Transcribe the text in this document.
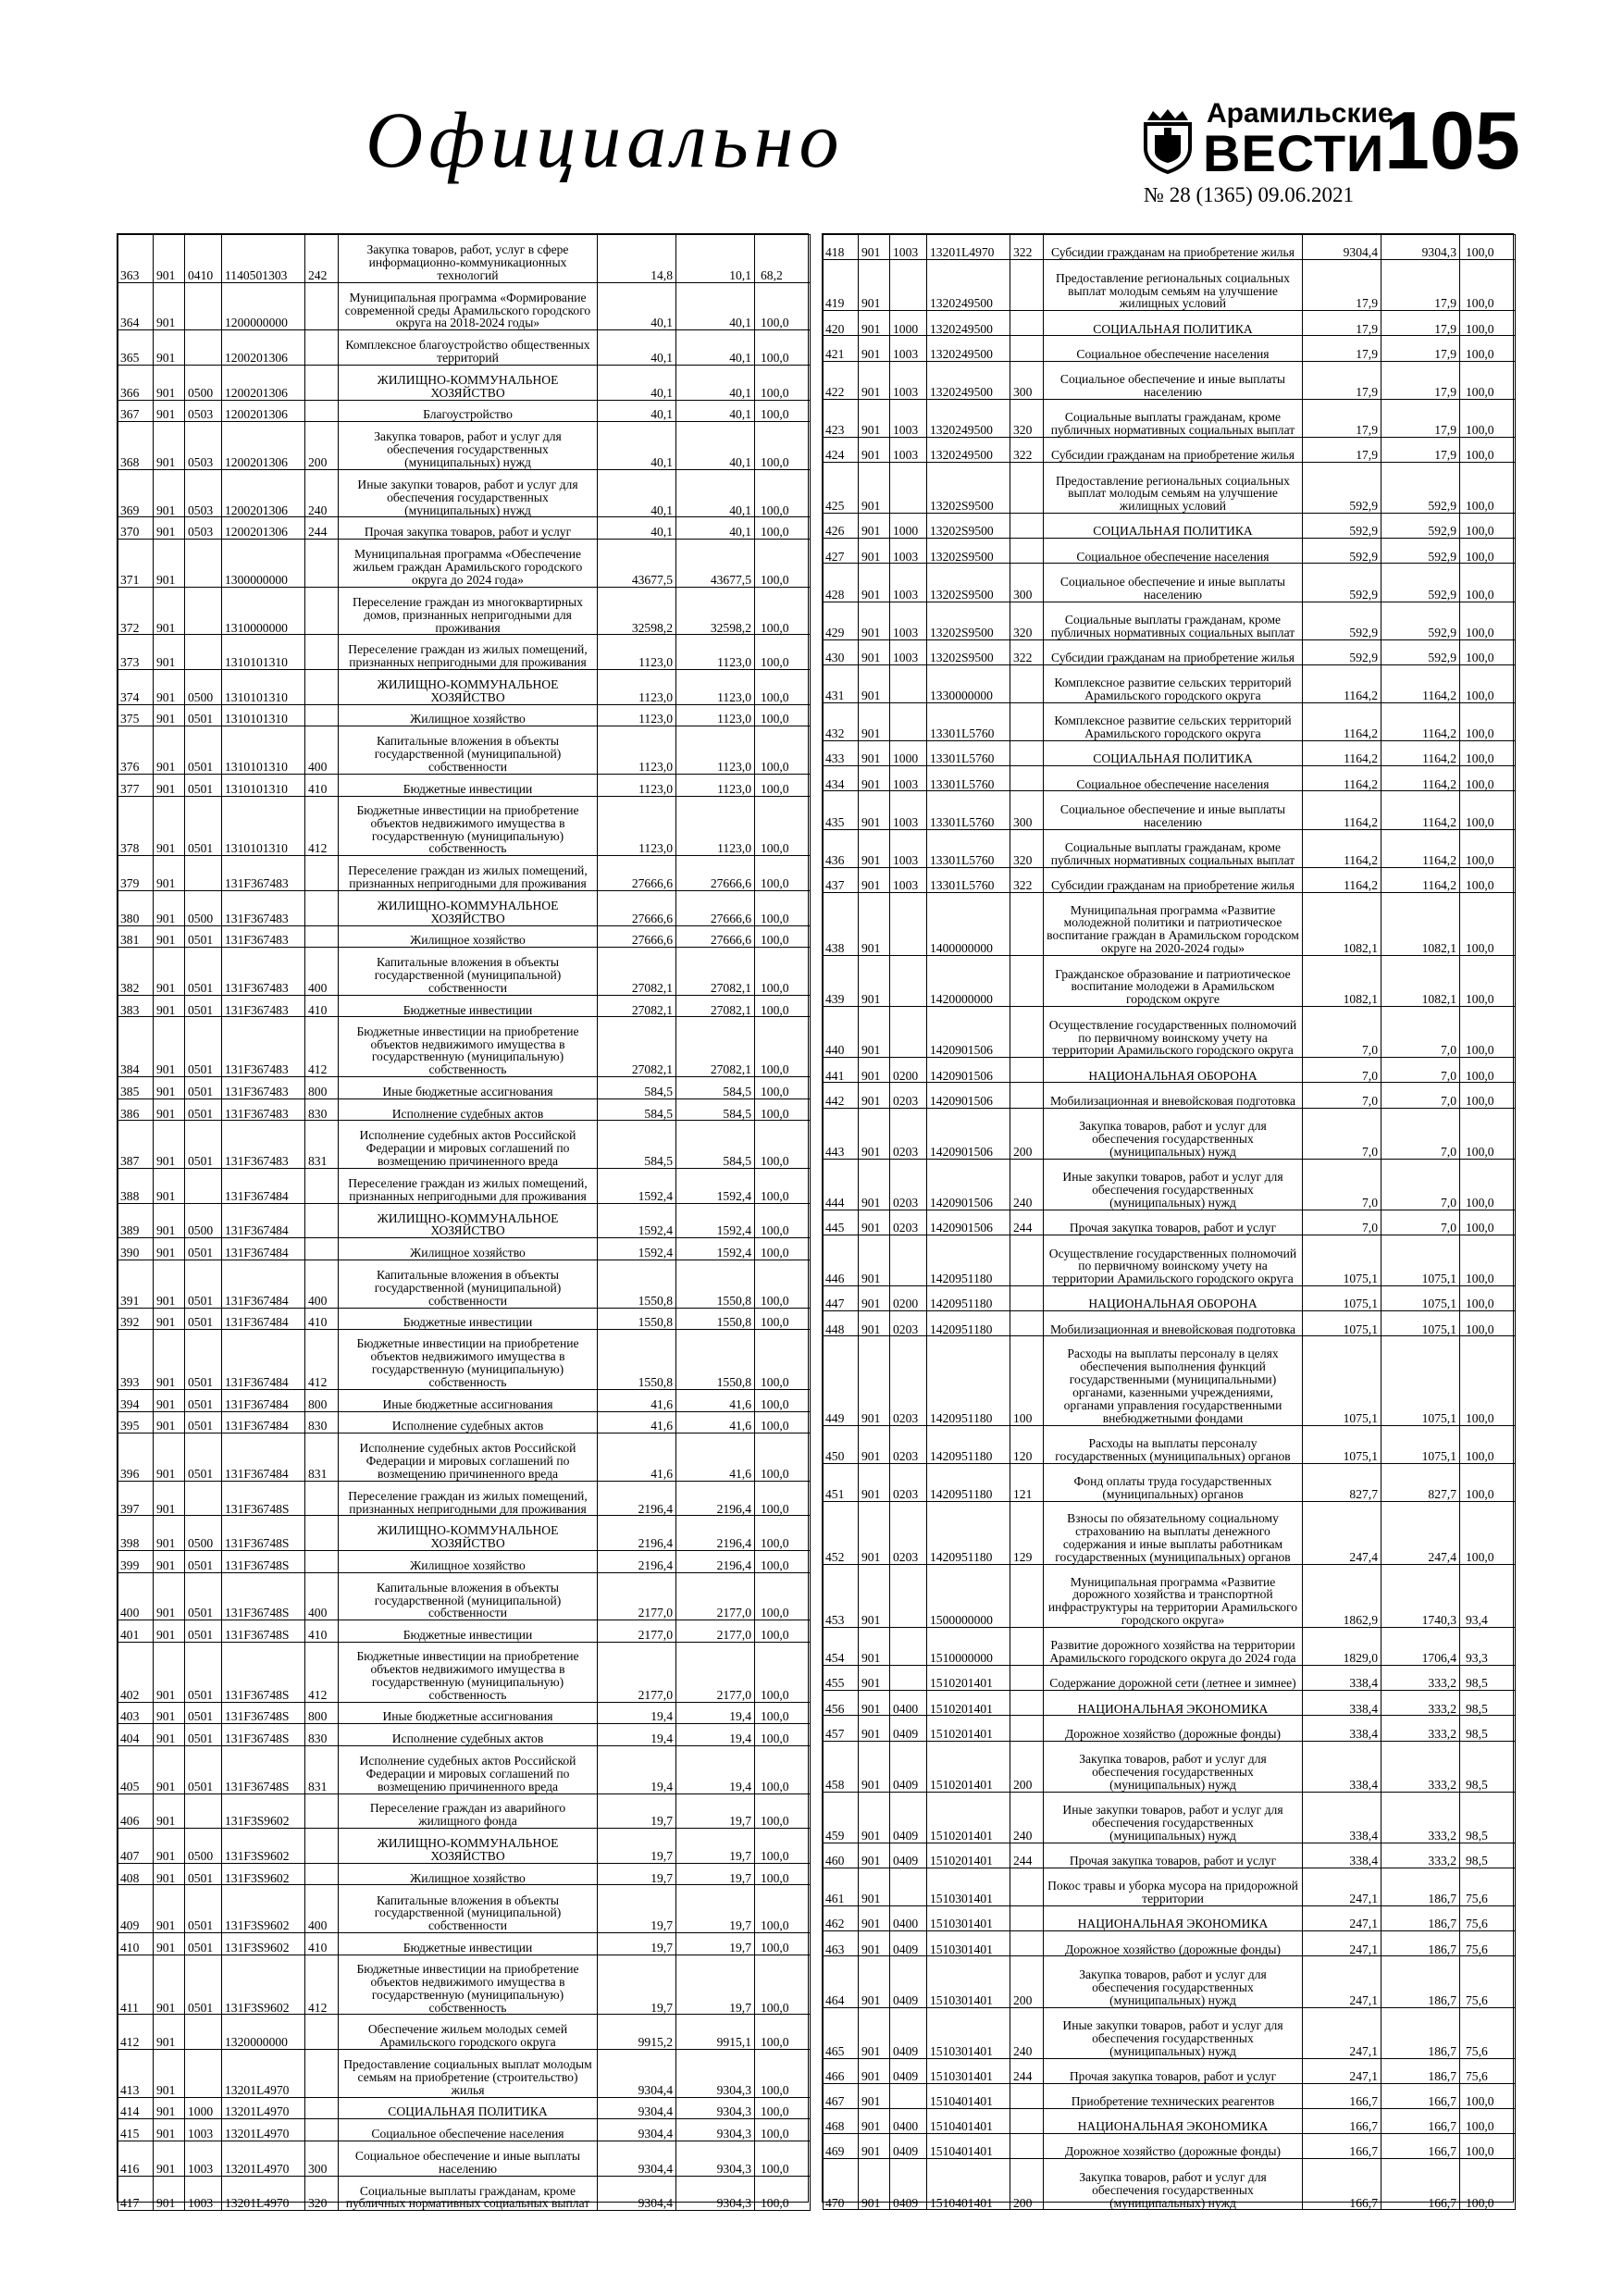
Официально	Арамильские
ВЕСТИ 105
№ 28 (1365) 09.06.2021
363	901	0410	1140501303	242	Закупка товаров, работ, услуг в сфере информационно-коммуникационных технологий	14,8	10,1	68,2
364	901		1200000000		Муниципальная программа «Формирование современной среды Арамильского городского округа на 2018-2024 годы»	40,1	40,1	100,0
365	901		1200201306		Комплексное благоустройство общественных территорий	40,1	40,1	100,0
366	901	0500	1200201306		ЖИЛИЩНО-КОММУНАЛЬНОЕ ХОЗЯЙСТВО	40,1	40,1	100,0
367	901	0503	1200201306		Благоустройство	40,1	40,1	100,0
368	901	0503	1200201306	200	Закупка товаров, работ и услуг для обеспечения государственных (муниципальных) нужд	40,1	40,1	100,0
369	901	0503	1200201306	240	Иные закупки товаров, работ и услуг для обеспечения государственных (муниципальных) нужд	40,1	40,1	100,0
370	901	0503	1200201306	244	Прочая закупка товаров, работ и услуг	40,1	40,1	100,0
371	901		1300000000		Муниципальная программа «Обеспечение жильем граждан Арамильского городского округа до 2024 года»	43677,5	43677,5	100,0
372	901		1310000000		Переселение граждан из многоквартирных домов, признанных непригодными для проживания	32598,2	32598,2	100,0
373	901		1310101310		Переселение граждан из жилых помещений, признанных непригодными для проживания	1123,0	1123,0	100,0
374	901	0500	1310101310		ЖИЛИЩНО-КОММУНАЛЬНОЕ ХОЗЯЙСТВО	1123,0	1123,0	100,0
375	901	0501	1310101310		Жилищное хозяйство	1123,0	1123,0	100,0
376	901	0501	1310101310	400	Капитальные вложения в объекты государственной (муниципальной) собственности	1123,0	1123,0	100,0
377	901	0501	1310101310	410	Бюджетные инвестиции	1123,0	1123,0	100,0
378	901	0501	1310101310	412	Бюджетные инвестиции на приобретение объектов недвижимого имущества в государственную (муниципальную) собственность	1123,0	1123,0	100,0
379	901		131F367483		Переселение граждан из жилых помещений, признанных непригодными для проживания	27666,6	27666,6	100,0
380	901	0500	131F367483		ЖИЛИЩНО-КОММУНАЛЬНОЕ ХОЗЯЙСТВО	27666,6	27666,6	100,0
381	901	0501	131F367483		Жилищное хозяйство	27666,6	27666,6	100,0
382	901	0501	131F367483	400	Капитальные вложения в объекты государственной (муниципальной) собственности	27082,1	27082,1	100,0
383	901	0501	131F367483	410	Бюджетные инвестиции	27082,1	27082,1	100,0
384	901	0501	131F367483	412	Бюджетные инвестиции на приобретение объектов недвижимого имущества в государственную (муниципальную) собственность	27082,1	27082,1	100,0
385	901	0501	131F367483	800	Иные бюджетные ассигнования	584,5	584,5	100,0
386	901	0501	131F367483	830	Исполнение судебных актов	584,5	584,5	100,0
387	901	0501	131F367483	831	Исполнение судебных актов Российской Федерации и мировых соглашений по возмещению причиненного вреда	584,5	584,5	100,0
388	901		131F367484		Переселение граждан из жилых помещений, признанных непригодными для проживания	1592,4	1592,4	100,0
389	901	0500	131F367484		ЖИЛИЩНО-КОММУНАЛЬНОЕ ХОЗЯЙСТВО	1592,4	1592,4	100,0
390	901	0501	131F367484		Жилищное хозяйство	1592,4	1592,4	100,0
391	901	0501	131F367484	400	Капитальные вложения в объекты государственной (муниципальной) собственности	1550,8	1550,8	100,0
392	901	0501	131F367484	410	Бюджетные инвестиции	1550,8	1550,8	100,0
393	901	0501	131F367484	412	Бюджетные инвестиции на приобретение объектов недвижимого имущества в государственную (муниципальную) собственность	1550,8	1550,8	100,0
394	901	0501	131F367484	800	Иные бюджетные ассигнования	41,6	41,6	100,0
395	901	0501	131F367484	830	Исполнение судебных актов	41,6	41,6	100,0
396	901	0501	131F367484	831	Исполнение судебных актов Российской Федерации и мировых соглашений по возмещению причиненного вреда	41,6	41,6	100,0
397	901		131F36748S		Переселение граждан из жилых помещений, признанных непригодными для проживания	2196,4	2196,4	100,0
398	901	0500	131F36748S		ЖИЛИЩНО-КОММУНАЛЬНОЕ ХОЗЯЙСТВО	2196,4	2196,4	100,0
399	901	0501	131F36748S		Жилищное хозяйство	2196,4	2196,4	100,0
400	901	0501	131F36748S	400	Капитальные вложения в объекты государственной (муниципальной) собственности	2177,0	2177,0	100,0
401	901	0501	131F36748S	410	Бюджетные инвестиции	2177,0	2177,0	100,0
402	901	0501	131F36748S	412	Бюджетные инвестиции на приобретение объектов недвижимого имущества в государственную (муниципальную) собственность	2177,0	2177,0	100,0
403	901	0501	131F36748S	800	Иные бюджетные ассигнования	19,4	19,4	100,0
404	901	0501	131F36748S	830	Исполнение судебных актов	19,4	19,4	100,0
405	901	0501	131F36748S	831	Исполнение судебных актов Российской Федерации и мировых соглашений по возмещению причиненного вреда	19,4	19,4	100,0
406	901		131F3S9602		Переселение граждан из аварийного жилищного фонда	19,7	19,7	100,0
407	901	0500	131F3S9602		ЖИЛИЩНО-КОММУНАЛЬНОЕ ХОЗЯЙСТВО	19,7	19,7	100,0
408	901	0501	131F3S9602		Жилищное хозяйство	19,7	19,7	100,0
409	901	0501	131F3S9602	400	Капитальные вложения в объекты государственной (муниципальной) собственности	19,7	19,7	100,0
410	901	0501	131F3S9602	410	Бюджетные инвестиции	19,7	19,7	100,0
411	901	0501	131F3S9602	412	Бюджетные инвестиции на приобретение объектов недвижимого имущества в государственную (муниципальную) собственность	19,7	19,7	100,0
412	901		1320000000		Обеспечение жильем молодых семей Арамильского городского округа	9915,2	9915,1	100,0
413	901		13201L4970		Предоставление социальных выплат молодым семьям на приобретение (строительство) жилья	9304,4	9304,3	100,0
414	901	1000	13201L4970		СОЦИАЛЬНАЯ ПОЛИТИКА	9304,4	9304,3	100,0
415	901	1003	13201L4970		Социальное обеспечение населения	9304,4	9304,3	100,0
416	901	1003	13201L4970	300	Социальное обеспечение и иные выплаты населению	9304,4	9304,3	100,0
417	901	1003	13201L4970	320	Социальные выплаты гражданам, кроме публичных нормативных социальных выплат	9304,4	9304,3	100,0
418	901	1003	13201L4970	322	Субсидии гражданам на приобретение жилья	9304,4	9304,3	100,0
419	901		1320249500		Предоставление региональных социальных выплат молодым семьям на улучшение жилищных условий	17,9	17,9	100,0
420	901	1000	1320249500		СОЦИАЛЬНАЯ ПОЛИТИКА	17,9	17,9	100,0
421	901	1003	1320249500		Социальное обеспечение населения	17,9	17,9	100,0
422	901	1003	1320249500	300	Социальное обеспечение и иные выплаты населению	17,9	17,9	100,0
423	901	1003	1320249500	320	Социальные выплаты гражданам, кроме публичных нормативных социальных выплат	17,9	17,9	100,0
424	901	1003	1320249500	322	Субсидии гражданам на приобретение жилья	17,9	17,9	100,0
425	901		13202S9500		Предоставление региональных социальных выплат молодым семьям на улучшение жилищных условий	592,9	592,9	100,0
426	901	1000	13202S9500		СОЦИАЛЬНАЯ ПОЛИТИКА	592,9	592,9	100,0
427	901	1003	13202S9500		Социальное обеспечение населения	592,9	592,9	100,0
428	901	1003	13202S9500	300	Социальное обеспечение и иные выплаты населению	592,9	592,9	100,0
429	901	1003	13202S9500	320	Социальные выплаты гражданам, кроме публичных нормативных социальных выплат	592,9	592,9	100,0
430	901	1003	13202S9500	322	Субсидии гражданам на приобретение жилья	592,9	592,9	100,0
431	901		1330000000		Комплексное развитие сельских территорий Арамильского городского округа	1164,2	1164,2	100,0
432	901		13301L5760		Комплексное развитие сельских территорий Арамильского городского округа	1164,2	1164,2	100,0
433	901	1000	13301L5760		СОЦИАЛЬНАЯ ПОЛИТИКА	1164,2	1164,2	100,0
434	901	1003	13301L5760		Социальное обеспечение населения	1164,2	1164,2	100,0
435	901	1003	13301L5760	300	Социальное обеспечение и иные выплаты населению	1164,2	1164,2	100,0
436	901	1003	13301L5760	320	Социальные выплаты гражданам, кроме публичных нормативных социальных выплат	1164,2	1164,2	100,0
437	901	1003	13301L5760	322	Субсидии гражданам на приобретение жилья	1164,2	1164,2	100,0
438	901		1400000000		Муниципальная программа «Развитие молодежной политики и патриотическое воспитание граждан в Арамильском городском округе на 2020-2024 годы»	1082,1	1082,1	100,0
439	901		1420000000		Гражданское образование и патриотическое воспитание молодежи в Арамильском городском округе	1082,1	1082,1	100,0
440	901		1420901506		Осуществление государственных полномочий по первичному воинскому учету на территории Арамильского городского округа	7,0	7,0	100,0
441	901	0200	1420901506		НАЦИОНАЛЬНАЯ ОБОРОНА	7,0	7,0	100,0
442	901	0203	1420901506		Мобилизационная и вневойсковая подготовка	7,0	7,0	100,0
443	901	0203	1420901506	200	Закупка товаров, работ и услуг для обеспечения государственных (муниципальных) нужд	7,0	7,0	100,0
444	901	0203	1420901506	240	Иные закупки товаров, работ и услуг для обеспечения государственных (муниципальных) нужд	7,0	7,0	100,0
445	901	0203	1420901506	244	Прочая закупка товаров, работ и услуг	7,0	7,0	100,0
446	901		1420951180		Осуществление государственных полномочий по первичному воинскому учету на территории Арамильского городского округа	1075,1	1075,1	100,0
447	901	0200	1420951180		НАЦИОНАЛЬНАЯ ОБОРОНА	1075,1	1075,1	100,0
448	901	0203	1420951180		Мобилизационная и вневойсковая подготовка	1075,1	1075,1	100,0
449	901	0203	1420951180	100	Расходы на выплаты персоналу в целях обеспечения выполнения функций государственными (муниципальными) органами, казенными учреждениями, органами управления государственными внебюджетными фондами	1075,1	1075,1	100,0
450	901	0203	1420951180	120	Расходы на выплаты персоналу государственных (муниципальных) органов	1075,1	1075,1	100,0
451	901	0203	1420951180	121	Фонд оплаты труда государственных (муниципальных) органов	827,7	827,7	100,0
452	901	0203	1420951180	129	Взносы по обязательному социальному страхованию на выплаты денежного содержания и иные выплаты работникам государственных (муниципальных) органов	247,4	247,4	100,0
453	901		1500000000		Муниципальная программа «Развитие дорожного хозяйства и транспортной инфраструктуры на территории Арамильского городского округа»	1862,9	1740,3	93,4
454	901		1510000000		Развитие дорожного хозяйства на территории Арамильского городского округа до 2024 года	1829,0	1706,4	93,3
455	901		1510201401		Содержание дорожной сети (летнее и зимнее)	338,4	333,2	98,5
456	901	0400	1510201401		НАЦИОНАЛЬНАЯ ЭКОНОМИКА	338,4	333,2	98,5
457	901	0409	1510201401		Дорожное хозяйство (дорожные фонды)	338,4	333,2	98,5
458	901	0409	1510201401	200	Закупка товаров, работ и услуг для обеспечения государственных (муниципальных) нужд	338,4	333,2	98,5
459	901	0409	1510201401	240	Иные закупки товаров, работ и услуг для обеспечения государственных (муниципальных) нужд	338,4	333,2	98,5
460	901	0409	1510201401	244	Прочая закупка товаров, работ и услуг	338,4	333,2	98,5
461	901		1510301401		Покос травы и уборка мусора на придорожной территории	247,1	186,7	75,6
462	901	0400	1510301401		НАЦИОНАЛЬНАЯ ЭКОНОМИКА	247,1	186,7	75,6
463	901	0409	1510301401		Дорожное хозяйство (дорожные фонды)	247,1	186,7	75,6
464	901	0409	1510301401	200	Закупка товаров, работ и услуг для обеспечения государственных (муниципальных) нужд	247,1	186,7	75,6
465	901	0409	1510301401	240	Иные закупки товаров, работ и услуг для обеспечения государственных (муниципальных) нужд	247,1	186,7	75,6
466	901	0409	1510301401	244	Прочая закупка товаров, работ и услуг	247,1	186,7	75,6
467	901		1510401401		Приобретение технических реагентов	166,7	166,7	100,0
468	901	0400	1510401401		НАЦИОНАЛЬНАЯ ЭКОНОМИКА	166,7	166,7	100,0
469	901	0409	1510401401		Дорожное хозяйство (дорожные фонды)	166,7	166,7	100,0
470	901	0409	1510401401	200	Закупка товаров, работ и услуг для обеспечения государственных (муниципальных) нужд	166,7	166,7	100,0
